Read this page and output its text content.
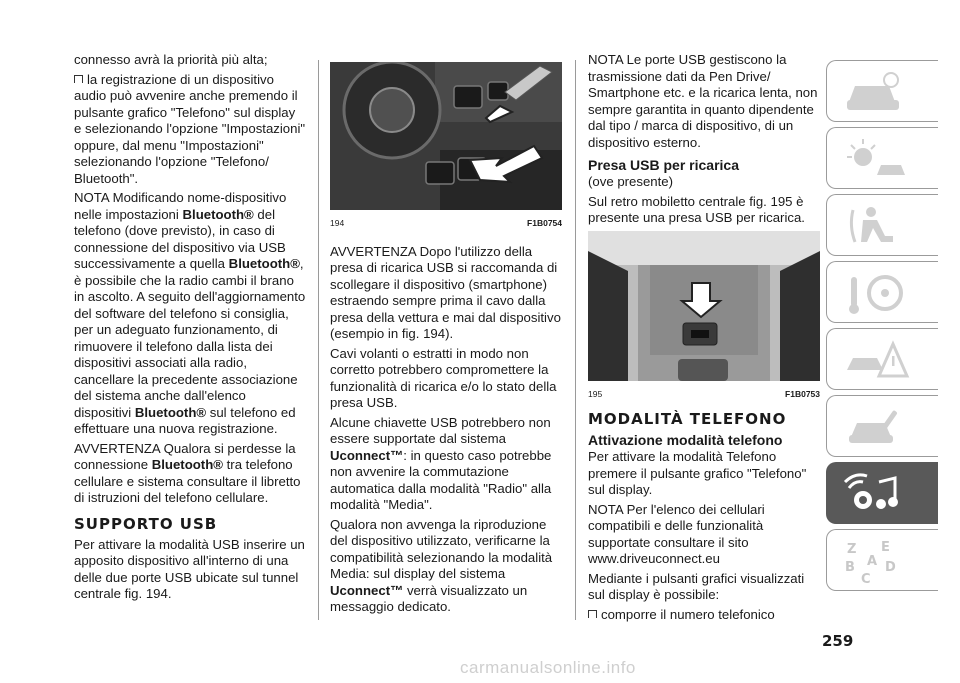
connesso avrà la priorità più alta;

la registrazione di un dispositivo audio può avvenire anche premendo il pulsante grafico "Telefono" sul display e selezionando l'opzione "Impostazioni" oppure, dal menu "Impostazioni" selezionando l'opzione "Telefono/ Bluetooth".

NOTA Modificando nome-dispositivo nelle impostazioni Bluetooth® del telefono (dove previsto), in caso di connessione del dispositivo via USB successivamente a quella Bluetooth®, è possibile che la radio cambi il brano in ascolto. A seguito dell'aggiornamento del software del telefono si consiglia, per un adeguato funzionamento, di rimuovere il telefono dalla lista dei dispositivi associati alla radio, cancellare la precedente associazione del sistema anche dall'elenco dispositivi Bluetooth® sul telefono ed effettuare una nuova registrazione.

AVVERTENZA Qualora si perdesse la connessione Bluetooth® tra telefono cellulare e sistema consultare il libretto di istruzioni del telefono cellulare.

SUPPORTO USB

Per attivare la modalità USB inserire un apposito dispositivo all'interno di una delle due porte USB ubicate sul tunnel centrale fig. 194.

194	F1B0754

AVVERTENZA Dopo l'utilizzo della presa di ricarica USB si raccomanda di scollegare il dispositivo (smartphone) estraendo sempre prima il cavo dalla presa della vettura e mai dal dispositivo (esempio in fig. 194).

Cavi volanti o estratti in modo non corretto potrebbero compromettere la funzionalità di ricarica e/o lo stato della presa USB.

Alcune chiavette USB potrebbero non essere supportate dal sistema Uconnect™: in questo caso potrebbe non avvenire la commutazione automatica dalla modalità "Radio" alla modalità "Media".

Qualora non avvenga la riproduzione del dispositivo utilizzato, verificarne la compatibilità selezionando la modalità Media: sul display del sistema Uconnect™ verrà visualizzato un messaggio dedicato.

NOTA Le porte USB gestiscono la trasmissione dati da Pen Drive/ Smartphone etc. e la ricarica lenta, non sempre garantita in quanto dipendente dal tipo / marca di dispositivo, di un dispositivo esterno.

Presa USB per ricarica

(ove presente)

Sul retro mobiletto centrale fig. 195 è presente una presa USB per ricarica.

195	F1B0753
MODALITÀ TELEFONO
Attivazione modalità telefono

Per attivare la modalità Telefono premere il pulsante grafico "Telefono" sul display.

NOTA Per l'elenco dei cellulari compatibili e delle funzionalità supportate consultare il sito www.driveuconnect.eu

Mediante i pulsanti grafici visualizzati sul display è possibile:

comporre il numero telefonico

Z E
B A D
C
259
carmanualsonline.info
